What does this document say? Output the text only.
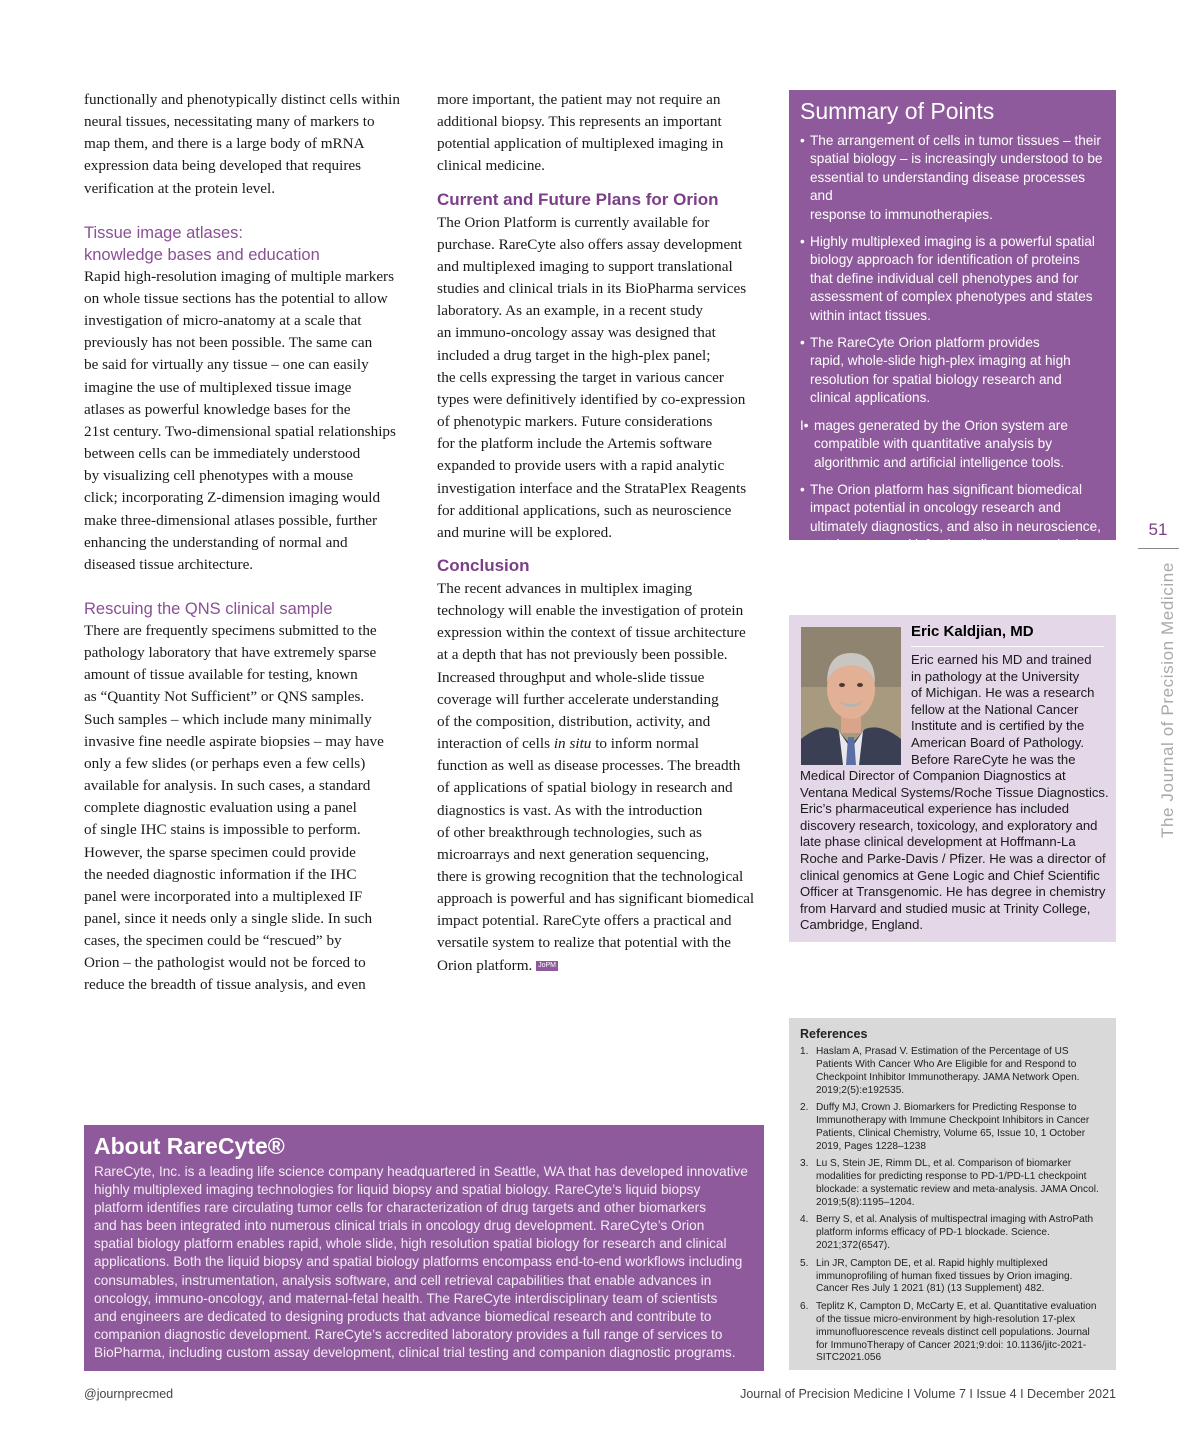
functionally and phenotypically distinct cells within
neural tissues, necessitating many of markers to
map them, and there is a large body of mRNA
expression data being developed that requires
verification at the protein level.
Tissue image atlases:
knowledge bases and education
Rapid high-resolution imaging of multiple markers
on whole tissue sections has the potential to allow
investigation of micro-anatomy at a scale that
previously has not been possible. The same can
be said for virtually any tissue – one can easily
imagine the use of multiplexed tissue image
atlases as powerful knowledge bases for the
21st century. Two-dimensional spatial relationships
between cells can be immediately understood
by visualizing cell phenotypes with a mouse
click; incorporating Z-dimension imaging would
make three-dimensional atlases possible, further
enhancing the understanding of normal and
diseased tissue architecture.
Rescuing the QNS clinical sample
There are frequently specimens submitted to the
pathology laboratory that have extremely sparse
amount of tissue available for testing, known
as “Quantity Not Sufficient” or QNS samples.
Such samples – which include many minimally
invasive fine needle aspirate biopsies – may have
only a few slides (or perhaps even a few cells)
available for analysis. In such cases, a standard
complete diagnostic evaluation using a panel
of single IHC stains is impossible to perform.
However, the sparse specimen could provide
the needed diagnostic information if the IHC
panel were incorporated into a multiplexed IF
panel, since it needs only a single slide. In such
cases, the specimen could be “rescued” by
Orion – the pathologist would not be forced to
reduce the breadth of tissue analysis, and even
more important, the patient may not require an
additional biopsy. This represents an important
potential application of multiplexed imaging in
clinical medicine.
Current and Future Plans for Orion
The Orion Platform is currently available for
purchase. RareCyte also offers assay development
and multiplexed imaging to support translational
studies and clinical trials in its BioPharma services
laboratory. As an example, in a recent study
an immuno-oncology assay was designed that
included a drug target in the high-plex panel;
the cells expressing the target in various cancer
types were definitively identified by co-expression
of phenotypic markers. Future considerations
for the platform include the Artemis software
expanded to provide users with a rapid analytic
investigation interface and the StrataPlex Reagents
for additional applications, such as neuroscience
and murine will be explored.
Conclusion
The recent advances in multiplex imaging
technology will enable the investigation of protein
expression within the context of tissue architecture
at a depth that has not previously been possible.
Increased throughput and whole-slide tissue
coverage will further accelerate understanding
of the composition, distribution, activity, and
interaction of cells in situ to inform normal
function as well as disease processes. The breadth
of applications of spatial biology in research and
diagnostics is vast. As with the introduction
of other breakthrough technologies, such as
microarrays and next generation sequencing,
there is growing recognition that the technological
approach is powerful and has significant biomedical
impact potential. RareCyte offers a practical and
versatile system to realize that potential with the
Orion platform. JoPM
Summary of Points
• The arrangement of cells in tumor tissues – their
spatial biology – is increasingly understood to be
essential to understanding disease processes and
response to immunotherapies.
• Highly multiplexed imaging is a powerful spatial
biology approach for identification of proteins
that define individual cell phenotypes and for
assessment of complex phenotypes and states
within intact tissues.
• The RareCyte Orion platform provides
rapid, whole-slide high-plex imaging at high
resolution for spatial biology research and
clinical applications.
I• mages generated by the Orion system are
compatible with quantitative analysis by
algorithmic and artificial intelligence tools.
• The Orion platform has significant biomedical
impact potential in oncology research and
ultimately diagnostics, and also in neuroscience,
autoimmune and infectious diseases, and others.
Eric Kaldjian, MD
Eric earned his MD and trained
in pathology at the University
of Michigan. He was a research
fellow at the National Cancer
Institute and is certified by the
American Board of Pathology.
Before RareCyte he was the
Medical Director of Companion Diagnostics at
Ventana Medical Systems/Roche Tissue Diagnostics.
Eric’s pharmaceutical experience has included
discovery research, toxicology, and exploratory and
late phase clinical development at Hoffmann-La
Roche and Parke-Davis / Pfizer. He was a director of
clinical genomics at Gene Logic and Chief Scientific
Officer at Transgenomic. He has degree in chemistry
from Harvard and studied music at Trinity College,
Cambridge, England.
References
1. Haslam A, Prasad V. Estimation of the Percentage of US
Patients With Cancer Who Are Eligible for and Respond to
Checkpoint Inhibitor Immunotherapy. JAMA Network Open.
2019;2(5):e192535.
2. Duffy MJ, Crown J. Biomarkers for Predicting Response to
Immunotherapy with Immune Checkpoint Inhibitors in Cancer
Patients, Clinical Chemistry, Volume 65, Issue 10, 1 October
2019, Pages 1228–1238
3. Lu S, Stein JE, Rimm DL, et al. Comparison of biomarker
modalities for predicting response to PD-1/PD-L1 checkpoint
blockade: a systematic review and meta-analysis. JAMA Oncol.
2019;5(8):1195–1204.
4. Berry S, et al. Analysis of multispectral imaging with AstroPath
platform informs efficacy of PD-1 blockade. Science.
2021;372(6547).
5. Lin JR, Campton DE, et al. Rapid highly multiplexed
immunoprofiling of human fixed tissues by Orion imaging.
Cancer Res July 1 2021 (81) (13 Supplement) 482.
6. Teplitz K, Campton D, McCarty E, et al. Quantitative evaluation
of the tissue micro-environment by high-resolution 17-plex
immunofluorescence reveals distinct cell populations. Journal
for ImmunoTherapy of Cancer 2021;9:doi: 10.1136/jitc-2021-
SITC2021.056
About RareCyte®
RareCyte, Inc. is a leading life science company headquartered in Seattle, WA that has developed innovative
highly multiplexed imaging technologies for liquid biopsy and spatial biology. RareCyte’s liquid biopsy
platform identifies rare circulating tumor cells for characterization of drug targets and other biomarkers
and has been integrated into numerous clinical trials in oncology drug development. RareCyte’s Orion
spatial biology platform enables rapid, whole slide, high resolution spatial biology for research and clinical
applications. Both the liquid biopsy and spatial biology platforms encompass end-to-end workflows including
consumables, instrumentation, analysis software, and cell retrieval capabilities that enable advances in
oncology, immuno-oncology, and maternal-fetal health. The RareCyte interdisciplinary team of scientists
and engineers are dedicated to designing products that advance biomedical research and contribute to
companion diagnostic development. RareCyte’s accredited laboratory provides a full range of services to
BioPharma, including custom assay development, clinical trial testing and companion diagnostic programs.
51
The Journal of Precision Medicine
@journprecmed	Journal of Precision Medicine I Volume 7 I Issue 4 I December 2021
